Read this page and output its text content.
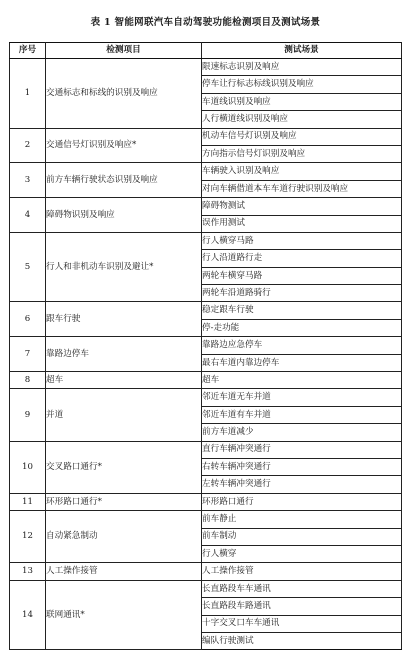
表 1 智能网联汽车自动驾驶功能检测项目及测试场景
序号	检测项目	测试场景
1	交通标志和标线的识别及响应	限速标志识别及响应
		停车让行标志标线识别及响应
		车道线识别及响应
		人行横道线识别及响应
2	交通信号灯识别及响应*	机动车信号灯识别及响应
		方向指示信号灯识别及响应
3	前方车辆行驶状态识别及响应	车辆驶入识别及响应
		对向车辆借道本车车道行驶识别及响应
4	障碍物识别及响应	障碍物测试
		误作用测试
5	行人和非机动车识别及避让*	行人横穿马路
		行人沿道路行走
		两轮车横穿马路
		两轮车沿道路骑行
6	跟车行驶	稳定跟车行驶
		停-走功能
7	靠路边停车	靠路边应急停车
		最右车道内靠边停车
8	超车	超车
9	并道	邻近车道无车并道
		邻近车道有车并道
		前方车道减少
10	交叉路口通行*	直行车辆冲突通行
		右转车辆冲突通行
		左转车辆冲突通行
11	环形路口通行*	环形路口通行
12	自动紧急制动	前车静止
		前车制动
		行人横穿
13	人工操作接管	人工操作接管
14	联网通讯*	长直路段车车通讯
		长直路段车路通讯
		十字交叉口车车通讯
		编队行驶测试
